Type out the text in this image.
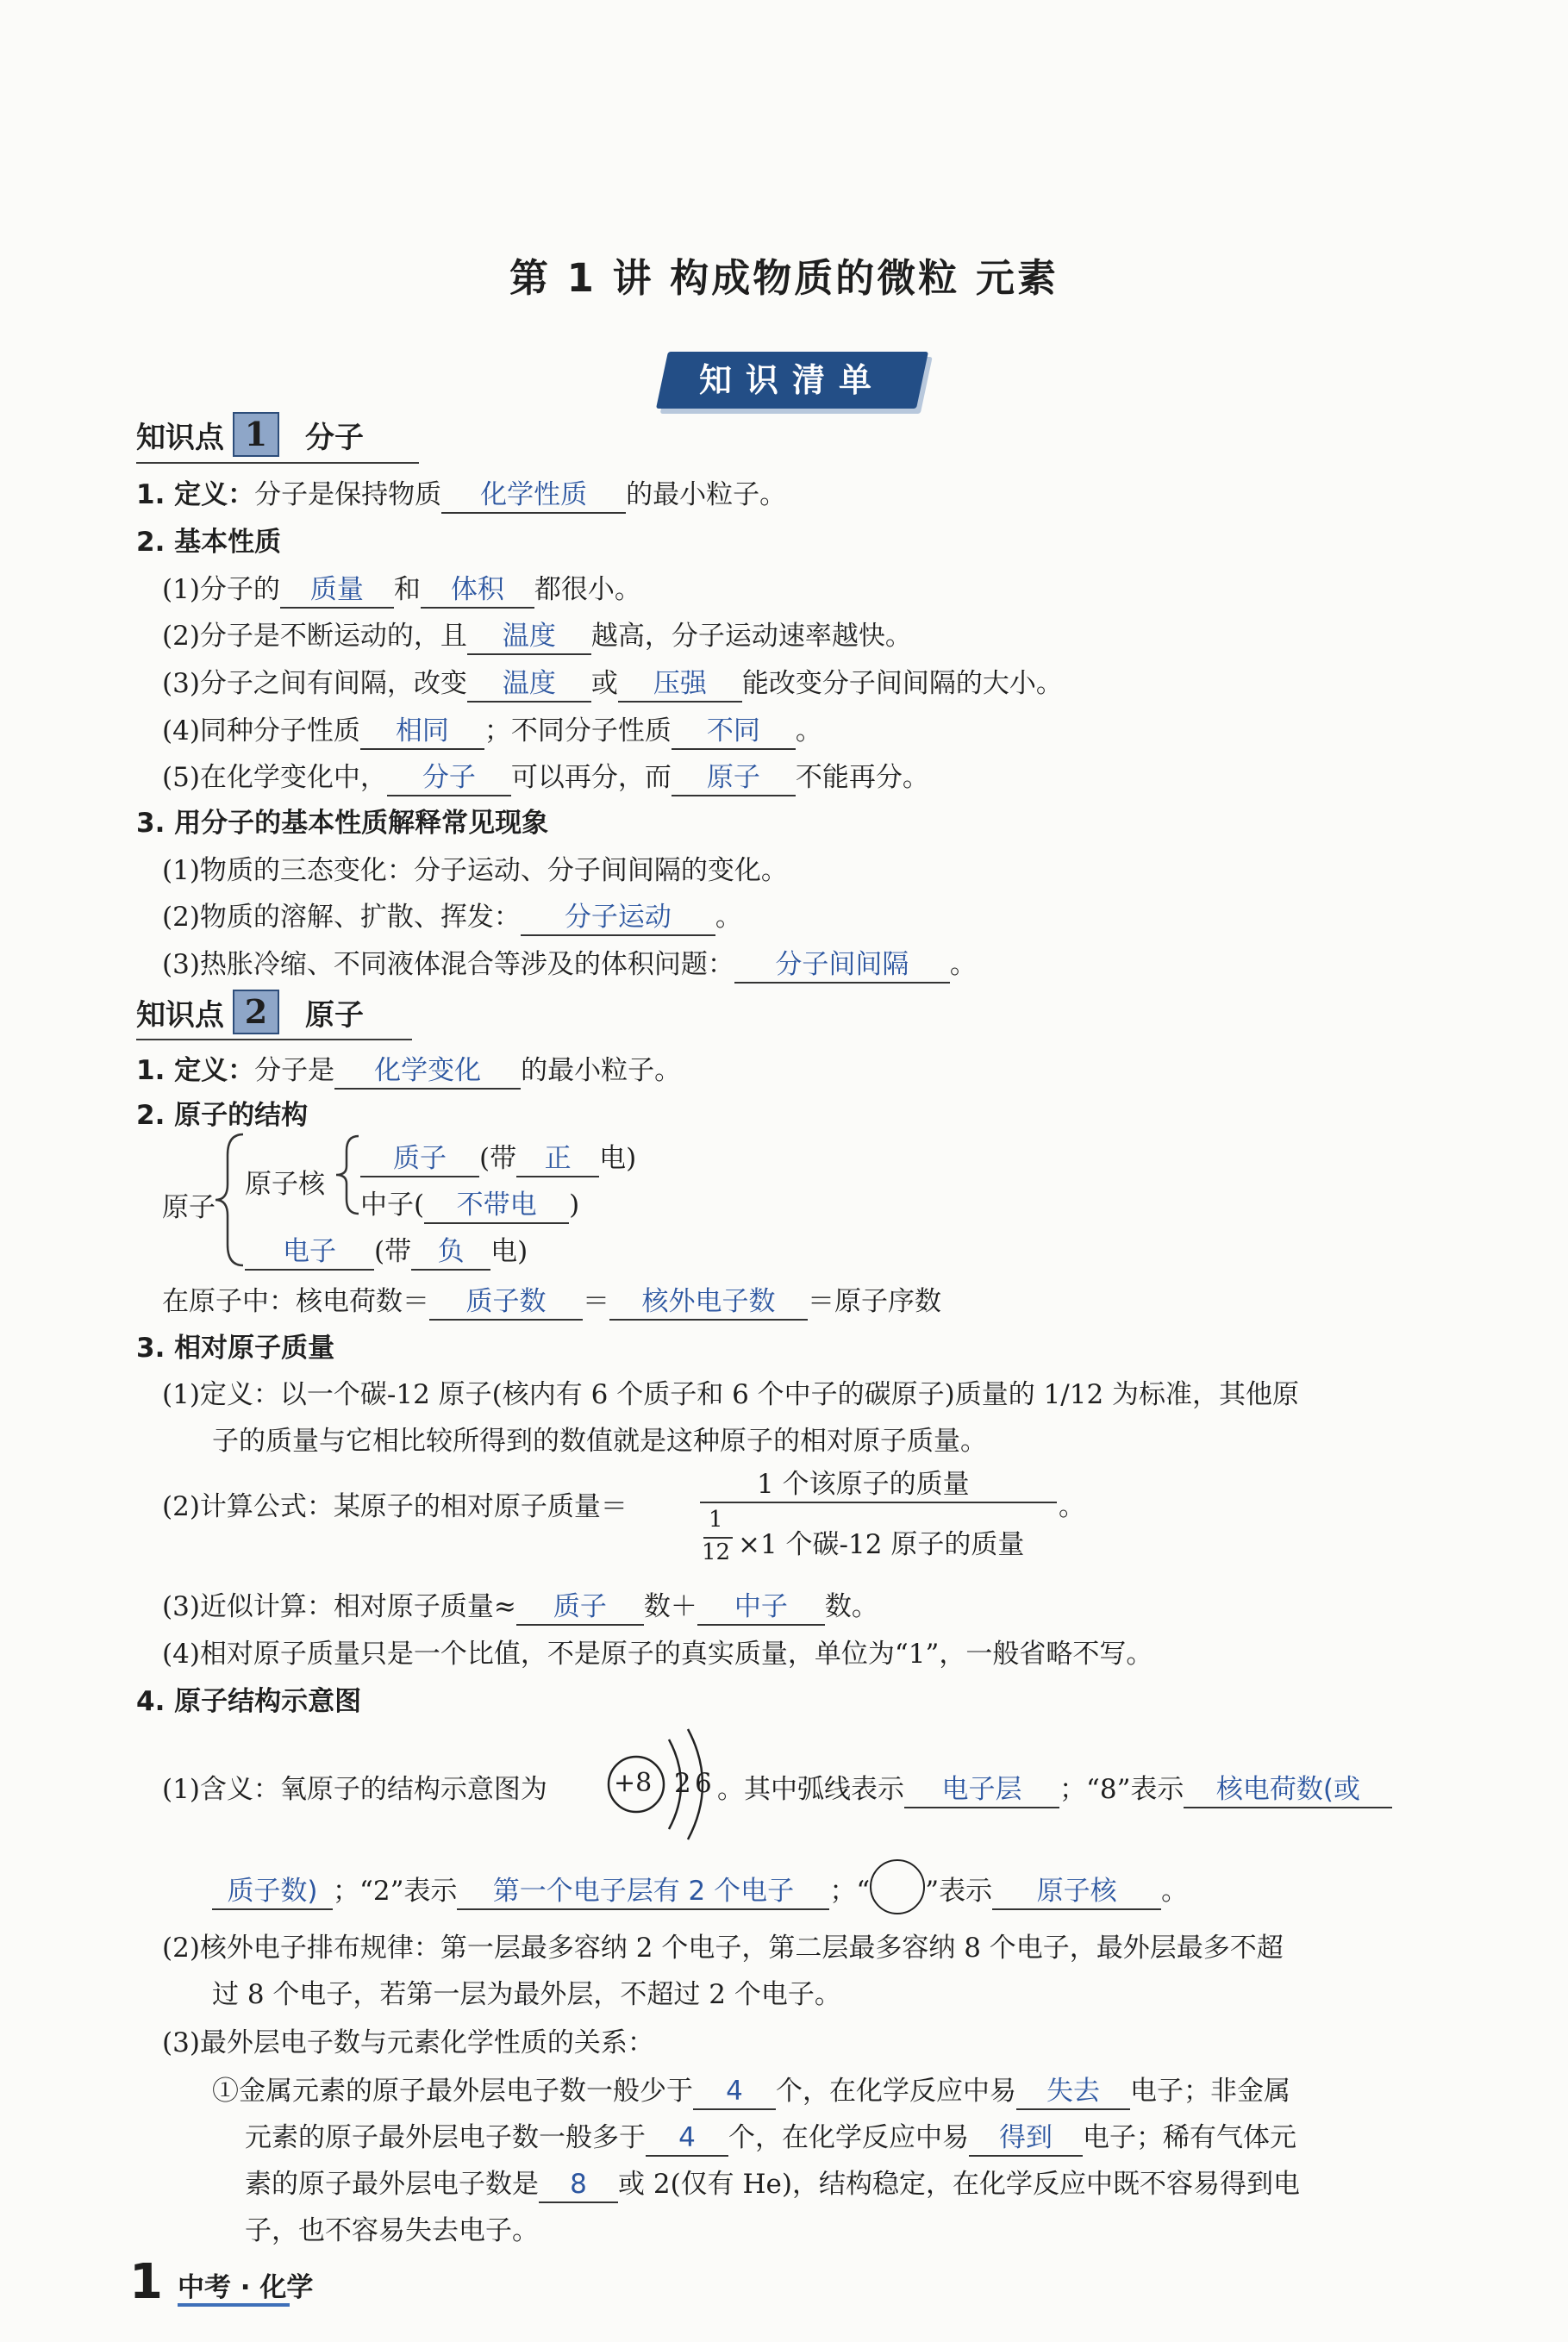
第 1 讲 构成物质的微粒 元素
知识清单
知识点 1 分子
1. 定义：分子是保持物质 化学性质 的最小粒子。
2. 基本性质
(1)分子的 质量 和 体积 都很小。
(2)分子是不断运动的，且 温度 越高，分子运动速率越快。
(3)分子之间有间隔，改变 温度 或 压强 能改变分子间间隔的大小。
(4)同种分子性质 相同 ；不同分子性质 不同 。
(5)在化学变化中， 分子 可以再分，而 原子 不能再分。
3. 用分子的基本性质解释常见现象
(1)物质的三态变化：分子运动、分子间间隔的变化。
(2)物质的溶解、扩散、挥发： 分子运动 。
(3)热胀冷缩、不同液体混合等涉及的体积问题： 分子间间隔 。
知识点 2 原子
1. 定义：分子是 化学变化 的最小粒子。
2. 原子的结构
原子
原子核
质子 (带 正 电)
中子( 不带电 )
电子 (带 负 电)
在原子中：核电荷数＝ 质子数 ＝ 核外电子数 ＝原子序数
3. 相对原子质量
(1)定义：以一个碳-12 原子(核内有 6 个质子和 6 个中子的碳原子)质量的 1/12 为标准，其他原
子的质量与它相比较所得到的数值就是这种原子的相对原子质量。
(2)计算公式：某原子的相对原子质量＝
1 个该原子的质量
1
12 ×1 个碳-12 原子的质量
。
(3)近似计算：相对原子质量≈ 质子 数＋ 中子 数。
(4)相对原子质量只是一个比值，不是原子的真实质量，单位为“1”，一般省略不写。
4. 原子结构示意图
(1)含义：氧原子的结构示意图为	+8 2 6 。其中弧线表示 电子层 ；“8”表示 核电荷数(或
质子数) ；“2”表示 第一个电子层有 2 个电子 ；“ ”表示 原子核 。
(2)核外电子排布规律：第一层最多容纳 2 个电子，第二层最多容纳 8 个电子，最外层最多不超
过 8 个电子，若第一层为最外层，不超过 2 个电子。
(3)最外层电子数与元素化学性质的关系：
①金属元素的原子最外层电子数一般少于 4 个，在化学反应中易 失去 电子；非金属
元素的原子最外层电子数一般多于 4 个，在化学反应中易 得到 电子；稀有气体元
素的原子最外层电子数是 8 或 2(仅有 He)，结构稳定，在化学反应中既不容易得到电
子，也不容易失去电子。
1 中考 · 化学
